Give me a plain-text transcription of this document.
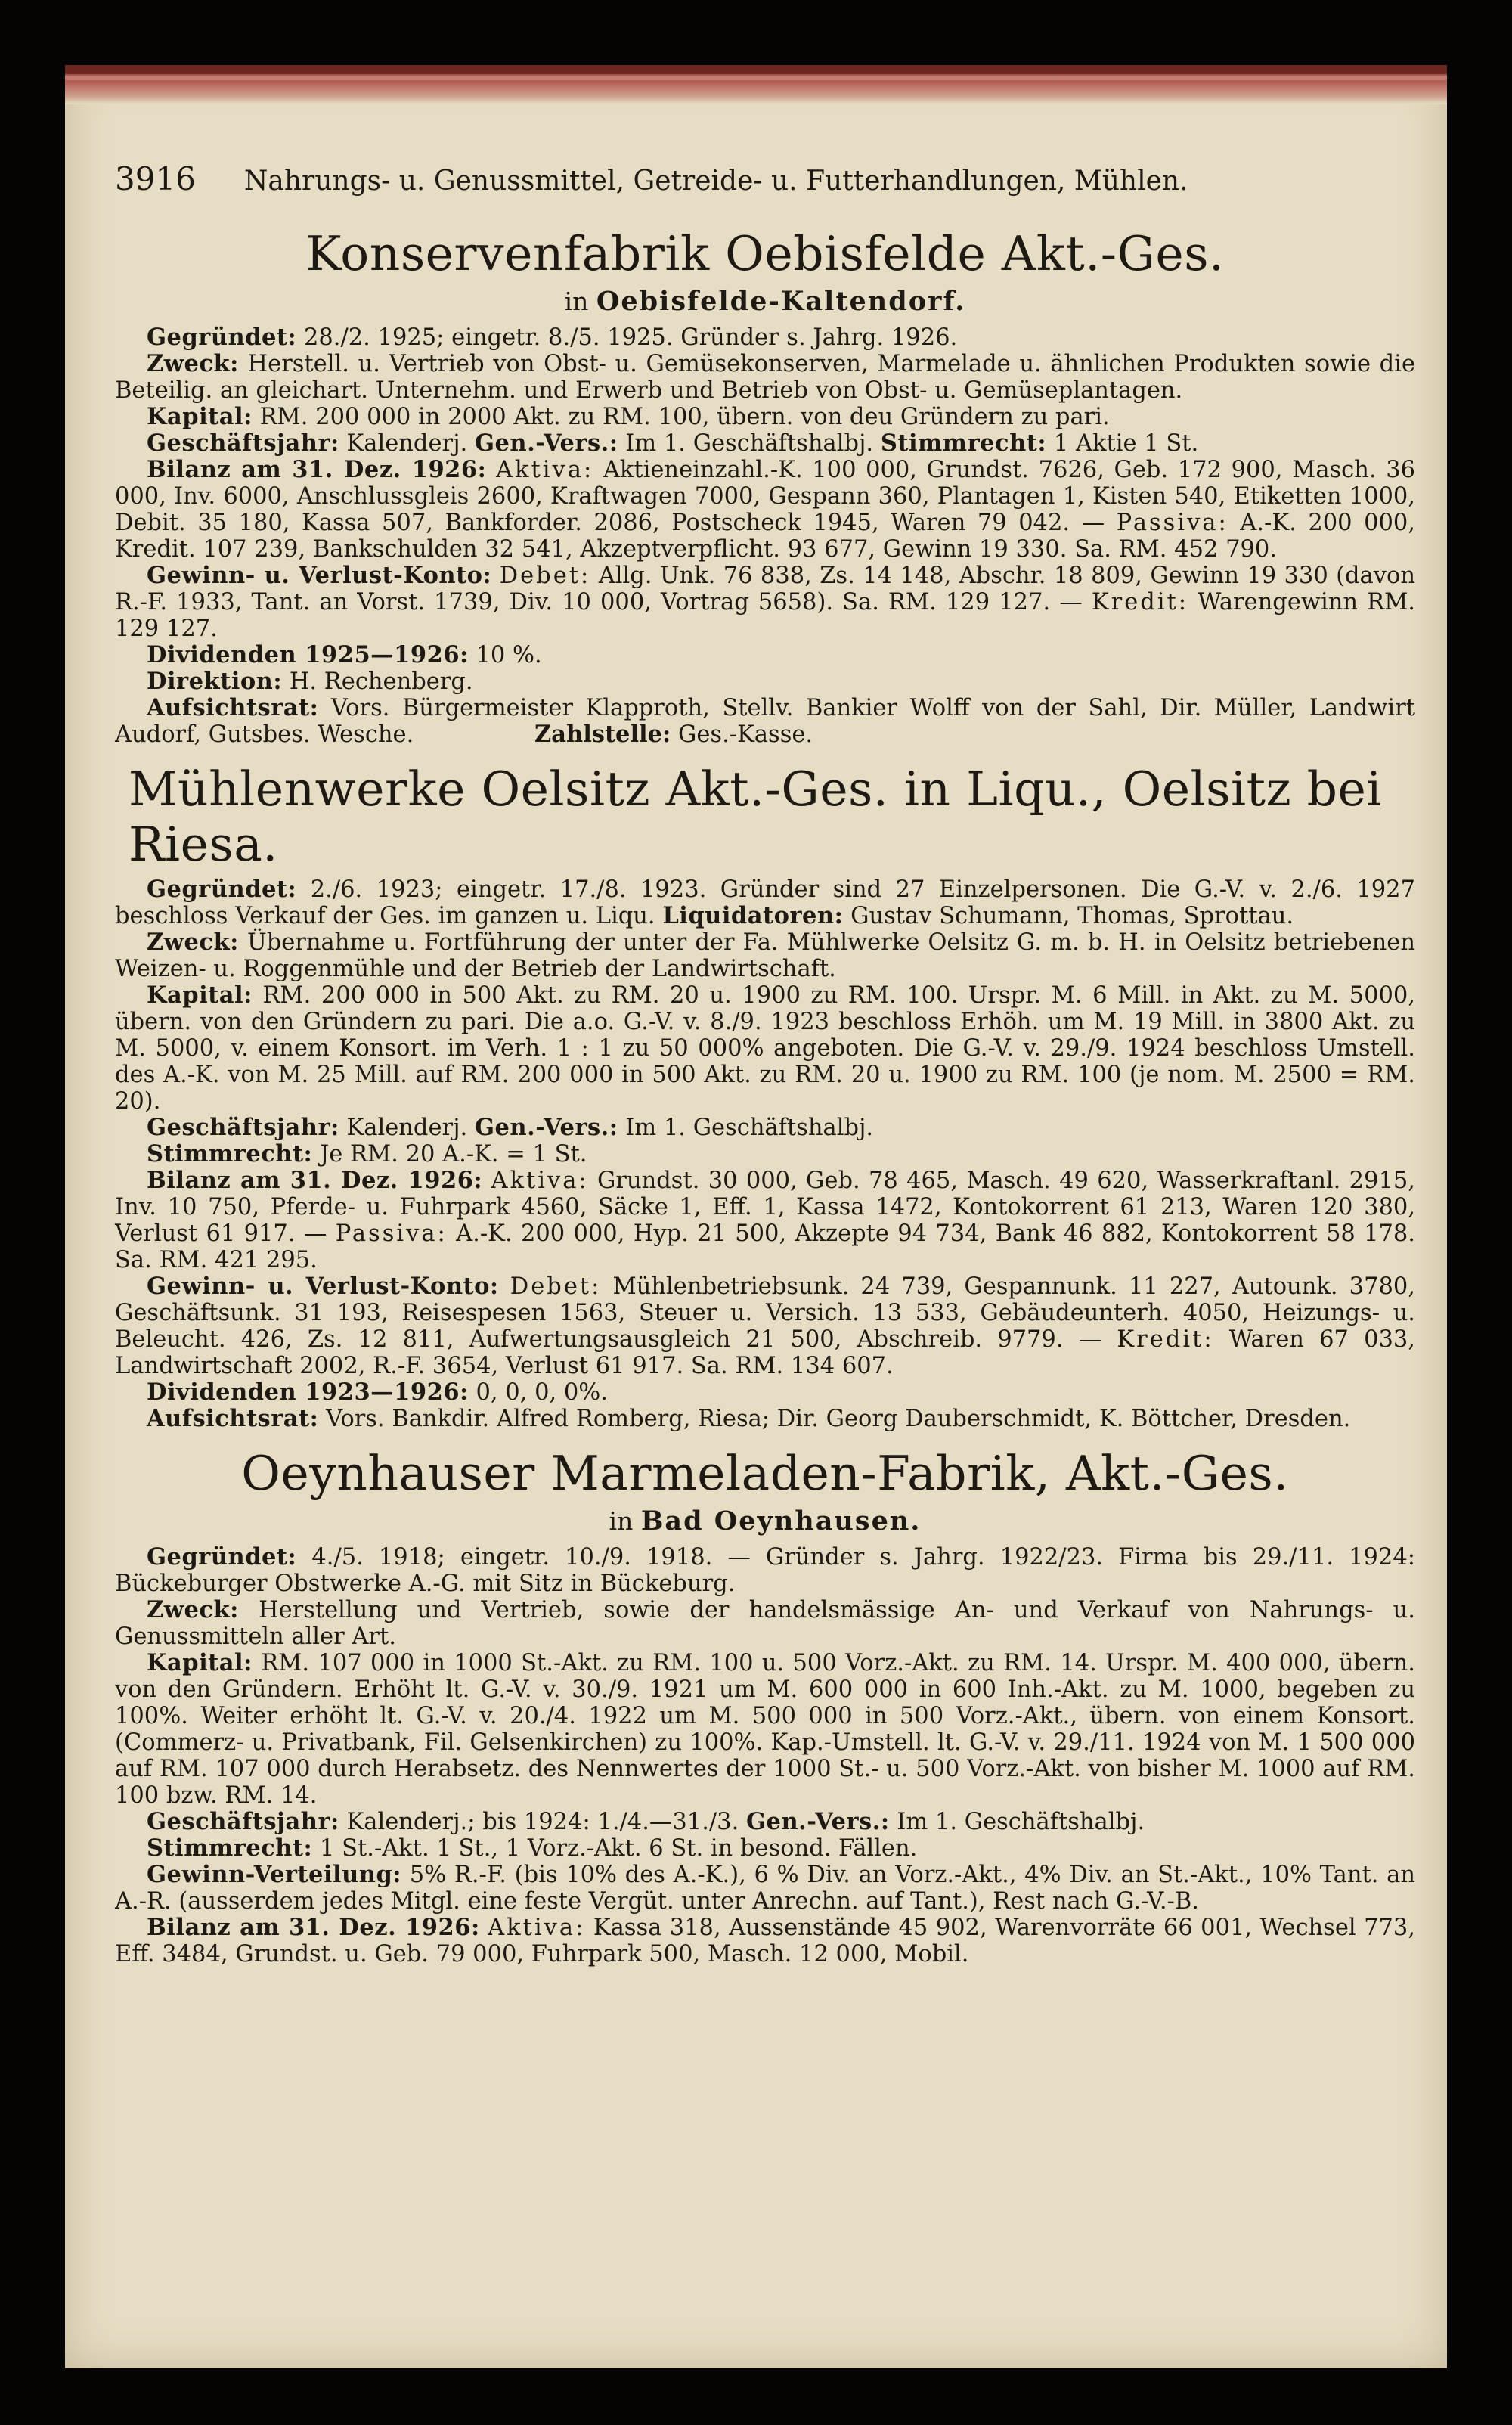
3916 Nahrungs- u. Genussmittel, Getreide- u. Futterhandlungen, Mühlen.
Konservenfabrik Oebisfelde Akt.-Ges.
in Oebisfelde-Kaltendorf.

Gegründet: 28./2. 1925; eingetr. 8./5. 1925. Gründer s. Jahrg. 1926.

Zweck: Herstell. u. Vertrieb von Obst- u. Gemüsekonserven, Marmelade u. ähnlichen Produkten sowie die Beteilig. an gleichart. Unternehm. und Erwerb und Betrieb von Obst- u. Gemüseplantagen.

Kapital: RM. 200 000 in 2000 Akt. zu RM. 100, übern. von deu Gründern zu pari.

Geschäftsjahr: Kalenderj. Gen.-Vers.: Im 1. Geschäftshalbj. Stimmrecht: 1 Aktie 1 St.

Bilanz am 31. Dez. 1926: Aktiva: Aktieneinzahl.-K. 100 000, Grundst. 7626, Geb. 172 900, Masch. 36 000, Inv. 6000, Anschlussgleis 2600, Kraftwagen 7000, Gespann 360, Plantagen 1, Kisten 540, Etiketten 1000, Debit. 35 180, Kassa 507, Bankforder. 2086, Postscheck 1945, Waren 79 042. — Passiva: A.-K. 200 000, Kredit. 107 239, Bankschulden 32 541, Akzeptverpflicht. 93 677, Gewinn 19 330. Sa. RM. 452 790.

Gewinn- u. Verlust-Konto: Debet: Allg. Unk. 76 838, Zs. 14 148, Abschr. 18 809, Gewinn 19 330 (davon R.-F. 1933, Tant. an Vorst. 1739, Div. 10 000, Vortrag 5658). Sa. RM. 129 127. — Kredit: Warengewinn RM. 129 127.

Dividenden 1925—1926: 10 %.

Direktion: H. Rechenberg.

Aufsichtsrat: Vors. Bürgermeister Klapproth, Stellv. Bankier Wolff von der Sahl, Dir. Müller, Landwirt Audorf, Gutsbes. Wesche.	Zahlstelle: Ges.-Kasse.

Mühlenwerke Oelsitz Akt.-Ges. in Liqu., Oelsitz bei Riesa.

Gegründet: 2./6. 1923; eingetr. 17./8. 1923. Gründer sind 27 Einzelpersonen. Die G.-V. v. 2./6. 1927 beschloss Verkauf der Ges. im ganzen u. Liqu. Liquidatoren: Gustav Schumann, Thomas, Sprottau.

Zweck: Übernahme u. Fortführung der unter der Fa. Mühlwerke Oelsitz G. m. b. H. in Oelsitz betriebenen Weizen- u. Roggenmühle und der Betrieb der Landwirtschaft.

Kapital: RM. 200 000 in 500 Akt. zu RM. 20 u. 1900 zu RM. 100. Urspr. M. 6 Mill. in Akt. zu M. 5000, übern. von den Gründern zu pari. Die a.o. G.-V. v. 8./9. 1923 beschloss Erhöh. um M. 19 Mill. in 3800 Akt. zu M. 5000, v. einem Konsort. im Verh. 1 : 1 zu 50 000% angeboten. Die G.-V. v. 29./9. 1924 beschloss Umstell. des A.-K. von M. 25 Mill. auf RM. 200 000 in 500 Akt. zu RM. 20 u. 1900 zu RM. 100 (je nom. M. 2500 = RM. 20).

Geschäftsjahr: Kalenderj. Gen.-Vers.: Im 1. Geschäftshalbj.

Stimmrecht: Je RM. 20 A.-K. = 1 St.

Bilanz am 31. Dez. 1926: Aktiva: Grundst. 30 000, Geb. 78 465, Masch. 49 620, Wasserkraftanl. 2915, Inv. 10 750, Pferde- u. Fuhrpark 4560, Säcke 1, Eff. 1, Kassa 1472, Kontokorrent 61 213, Waren 120 380, Verlust 61 917. — Passiva: A.-K. 200 000, Hyp. 21 500, Akzepte 94 734, Bank 46 882, Kontokorrent 58 178. Sa. RM. 421 295.

Gewinn- u. Verlust-Konto: Debet: Mühlenbetriebsunk. 24 739, Gespannunk. 11 227, Autounk. 3780, Geschäftsunk. 31 193, Reisespesen 1563, Steuer u. Versich. 13 533, Gebäudeunterh. 4050, Heizungs- u. Beleucht. 426, Zs. 12 811, Aufwertungsausgleich 21 500, Abschreib. 9779. — Kredit: Waren 67 033, Landwirtschaft 2002, R.-F. 3654, Verlust 61 917. Sa. RM. 134 607.

Dividenden 1923—1926: 0, 0, 0, 0%.

Aufsichtsrat: Vors. Bankdir. Alfred Romberg, Riesa; Dir. Georg Dauberschmidt, K. Böttcher, Dresden.

Oeynhauser Marmeladen-Fabrik, Akt.-Ges.
in Bad Oeynhausen.

Gegründet: 4./5. 1918; eingetr. 10./9. 1918. — Gründer s. Jahrg. 1922/23. Firma bis 29./11. 1924: Bückeburger Obstwerke A.-G. mit Sitz in Bückeburg.

Zweck: Herstellung und Vertrieb, sowie der handelsmässige An- und Verkauf von Nahrungs- u. Genussmitteln aller Art.

Kapital: RM. 107 000 in 1000 St.-Akt. zu RM. 100 u. 500 Vorz.-Akt. zu RM. 14. Urspr. M. 400 000, übern. von den Gründern. Erhöht lt. G.-V. v. 30./9. 1921 um M. 600 000 in 600 Inh.-Akt. zu M. 1000, begeben zu 100%. Weiter erhöht lt. G.-V. v. 20./4. 1922 um M. 500 000 in 500 Vorz.-Akt., übern. von einem Konsort. (Commerz- u. Privatbank, Fil. Gelsenkirchen) zu 100%. Kap.-Umstell. lt. G.-V. v. 29./11. 1924 von M. 1 500 000 auf RM. 107 000 durch Herabsetz. des Nennwertes der 1000 St.- u. 500 Vorz.-Akt. von bisher M. 1000 auf RM. 100 bzw. RM. 14.

Geschäftsjahr: Kalenderj.; bis 1924: 1./4.—31./3. Gen.-Vers.: Im 1. Geschäftshalbj.

Stimmrecht: 1 St.-Akt. 1 St., 1 Vorz.-Akt. 6 St. in besond. Fällen.

Gewinn-Verteilung: 5% R.-F. (bis 10% des A.-K.), 6 % Div. an Vorz.-Akt., 4% Div. an St.-Akt., 10% Tant. an A.-R. (ausserdem jedes Mitgl. eine feste Vergüt. unter Anrechn. auf Tant.), Rest nach G.-V.-B.

Bilanz am 31. Dez. 1926: Aktiva: Kassa 318, Aussenstände 45 902, Warenvorräte 66 001, Wechsel 773, Eff. 3484, Grundst. u. Geb. 79 000, Fuhrpark 500, Masch. 12 000, Mobil.
